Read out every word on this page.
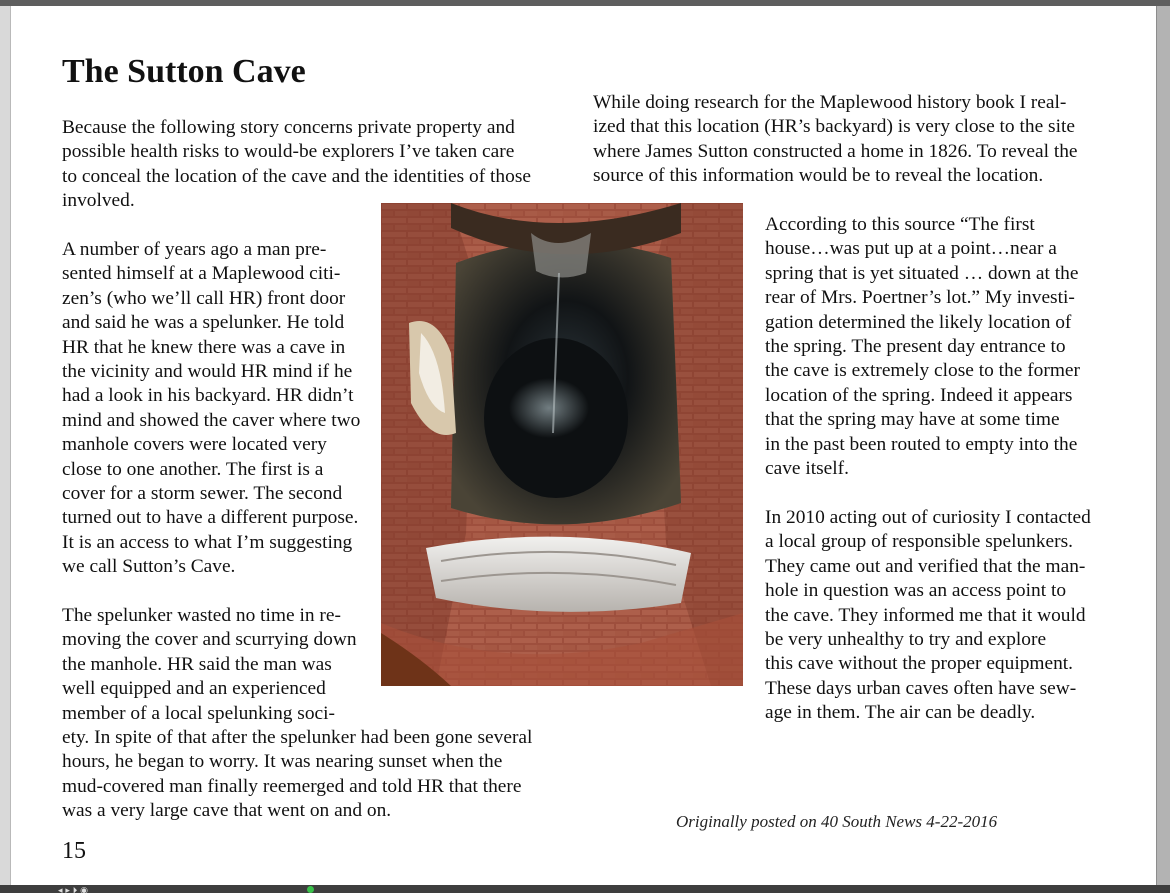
The Sutton Cave
Because the following story concerns private property and
possible health risks to would-be explorers I’ve taken care
to conceal the location of the cave and the identities of those
involved.
A number of years ago a man pre-
sented himself at a Maplewood citi-
zen’s (who we’ll call HR) front door
and said he was a spelunker. He told
HR that he knew there was a cave in
the vicinity and would HR mind if he
had a look in his backyard. HR didn’t
mind and showed the caver where two
manhole covers were located very
close to one another. The first is a
cover for a storm sewer. The second
turned out to have a different purpose.
It is an access to what I’m suggesting
we call Sutton’s Cave.
The spelunker wasted no time in re-
moving the cover and scurrying down
the manhole. HR said the man was
well equipped and an experienced
member of a local spelunking soci-
ety. In spite of that after the spelunker had been gone several
hours, he began to worry. It was nearing sunset when the
mud-covered man finally reemerged and told HR that there
was a very large cave that went on and on.
While doing research for the Maplewood history book I real-
ized that this location (HR’s backyard) is very close to the site
where James Sutton constructed a home in 1826. To reveal the
source of this information would be to reveal the location.
According to this source “The first
house…was put up at a point…near a
spring that is yet situated … down at the
rear of Mrs. Poertner’s lot.” My investi-
gation determined the likely location of
the spring. The present day entrance to
the cave is extremely close to the former
location of the spring. Indeed it appears
that the spring may have at some time
in the past been routed to empty into the
cave itself.
In 2010 acting out of curiosity I contacted
a local group of responsible spelunkers.
They came out and verified that the man-
hole in question was an access point to
the cave. They informed me that it would
be very unhealthy to try and explore
this cave without the proper equipment.
These days urban caves often have sew-
age in them. The air can be deadly.
Originally posted on 40 South News 4-22-2016
15
◂ ▸ ⏵ ◉
